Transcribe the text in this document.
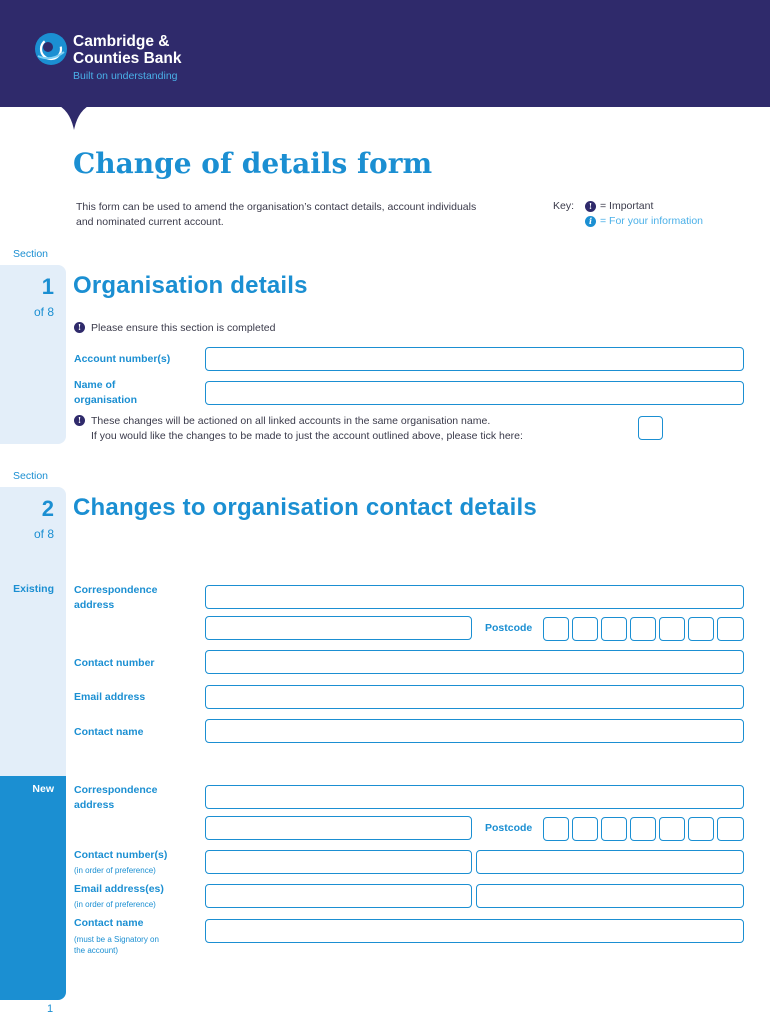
Cambridge &
Counties Bank
Built on understanding
Change of details form
This form can be used to amend the organisation’s contact details, account individuals and nominated current account.
Key:	! = Important
i = For your information
Section
1
of 8
Organisation details
! Please ensure this section is completed
Account number(s)
Name of
organisation
! These changes will be actioned on all linked accounts in the same organisation name.
If you would like the changes to be made to just the account outlined above, please tick here:
Section
2
of 8
Existing
New
Changes to organisation contact details
Correspondence
address
Postcode
Contact number
Email address
Contact name
Correspondence
address
Postcode
Contact number(s)
(in order of preference)
Email address(es)
(in order of preference)
Contact name
(must be a Signatory on
the account)
1
